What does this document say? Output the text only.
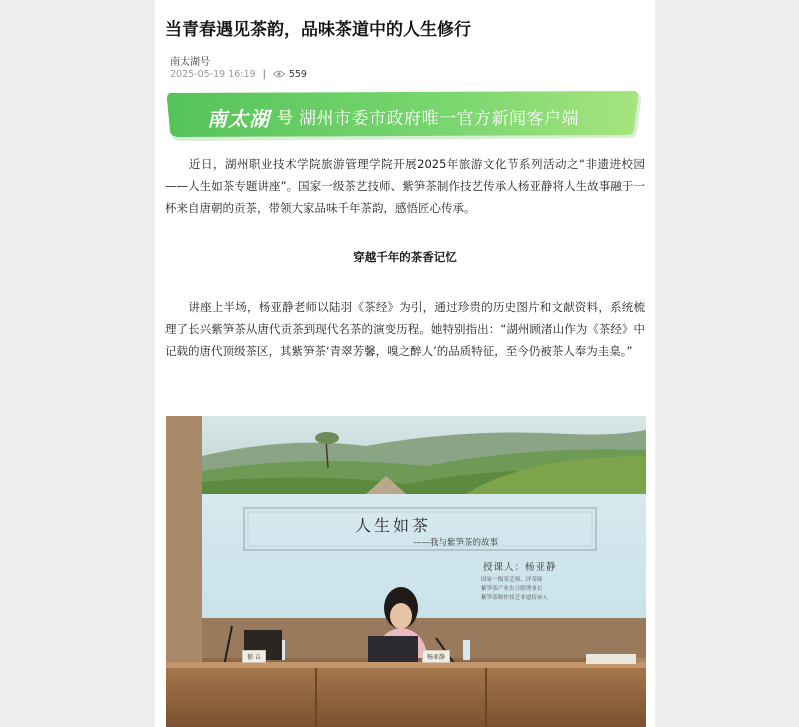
当青春遇见茶韵，品味茶道中的人生修行
南太湖号
2025-05-19 16:19 | 559
南太湖 号 湖州市委市政府唯一官方新闻客户端
　　近日，湖州职业技术学院旅游管理学院开展2025年旅游文化节系列活动之“非遗进校园——人生如茶专题讲座”。国家一级茶艺技师、紫笋茶制作技艺传承人杨亚静将人生故事融于一杯来自唐朝的贡茶，带领大家品味千年茶韵，感悟匠心传承。
穿越千年的茶香记忆
　　讲座上半场，杨亚静老师以陆羽《茶经》为引，通过珍贵的历史图片和文献资料，系统梳理了长兴紫笋茶从唐代贡茶到现代名茶的演变历程。她特别指出：“湖州顾渚山作为《茶经》中记载的唐代顶级茶区，其紫笋茶‘青翠芳馨，嗅之醉人’的品质特征，至今仍被茶人奉为圭臬。”
郁 吉	杨亚静
人生如茶
——我与紫笋茶的故事
授课人：杨亚静
国家一级茶艺师、评茶师
紫笋茶产业农合联理事长
紫笋茶制作技艺非遗传承人
